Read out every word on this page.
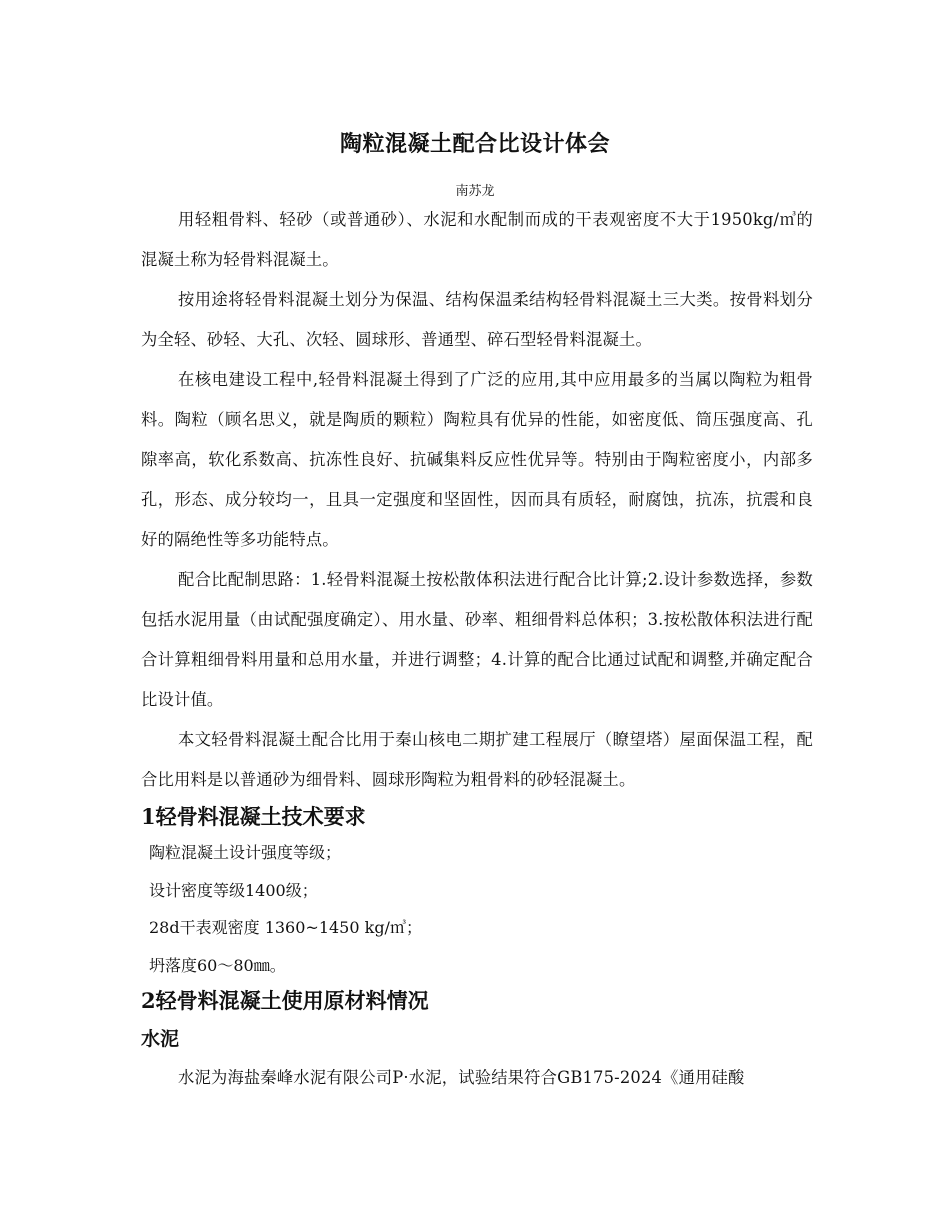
陶粒混凝土配合比设计体会
南苏龙

用轻粗骨料、轻砂（或普通砂）、水泥和水配制而成的干表观密度不大于1950kg/㎥的混凝土称为轻骨料混凝土。

按用途将轻骨料混凝土划分为保温、结构保温柔结构轻骨料混凝土三大类。按骨料划分为全轻、砂轻、大孔、次轻、圆球形、普通型、碎石型轻骨料混凝土。

在核电建设工程中,轻骨料混凝土得到了广泛的应用,其中应用最多的当属以陶粒为粗骨料。陶粒（顾名思义，就是陶质的颗粒）陶粒具有优异的性能，如密度低、筒压强度高、孔隙率高，软化系数高、抗冻性良好、抗碱集料反应性优异等。特别由于陶粒密度小，内部多孔，形态、成分较均一，且具一定强度和坚固性，因而具有质轻，耐腐蚀，抗冻，抗震和良好的隔绝性等多功能特点。

配合比配制思路：1.轻骨料混凝土按松散体积法进行配合比计算;2.设计参数选择，参数包括水泥用量（由试配强度确定）、用水量、砂率、粗细骨料总体积；3.按松散体积法进行配合计算粗细骨料用量和总用水量，并进行调整；4.计算的配合比通过试配和调整,并确定配合比设计值。

本文轻骨料混凝土配合比用于秦山核电二期扩建工程展厅（瞭望塔）屋面保温工程，配合比用料是以普通砂为细骨料、圆球形陶粒为粗骨料的砂轻混凝土。

1轻骨料混凝土技术要求
陶粒混凝土设计强度等级；
设计密度等级1400级；
28d干表观密度 1360~1450 kg/㎥；
坍落度60～80㎜。
2轻骨料混凝土使用原材料情况
水泥

水泥为海盐秦峰水泥有限公司P·水泥，试验结果符合GB175-2024《通用硅酸
